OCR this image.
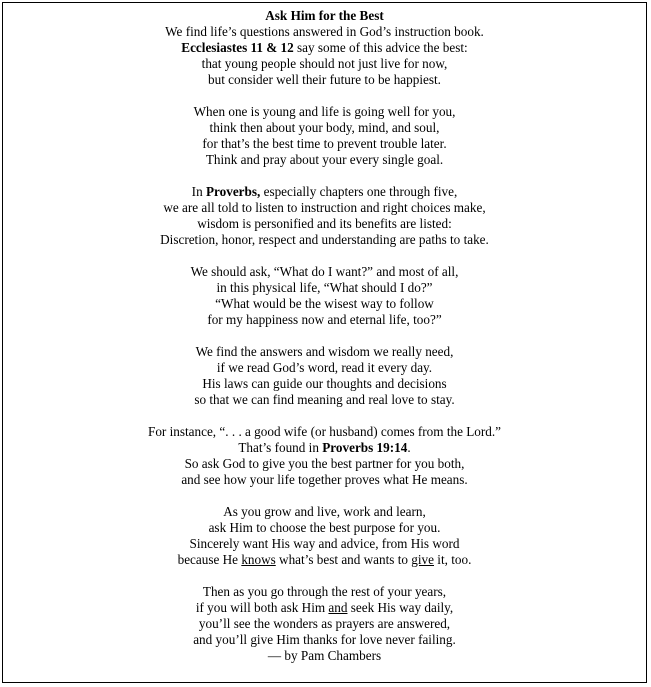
Ask Him for the Best
We find life’s questions answered in God’s instruction book.
Ecclesiastes 11 & 12 say some of this advice the best:
that young people should not just live for now,
but consider well their future to be happiest.
When one is young and life is going well for you,
think then about your body, mind, and soul,
for that’s the best time to prevent trouble later.
Think and pray about your every single goal.
In Proverbs, especially chapters one through five,
we are all told to listen to instruction and right choices make,
wisdom is personified and its benefits are listed:
Discretion, honor, respect and understanding are paths to take.
We should ask, “What do I want?” and most of all,
in this physical life, “What should I do?”
“What would be the wisest way to follow
for my happiness now and eternal life, too?”
We find the answers and wisdom we really need,
if we read God’s word, read it every day.
His laws can guide our thoughts and decisions
so that we can find meaning and real love to stay.
For instance, “. . . a good wife (or husband) comes from the Lord.”
That’s found in Proverbs 19:14.
So ask God to give you the best partner for you both,
and see how your life together proves what He means.
As you grow and live, work and learn,
ask Him to choose the best purpose for you.
Sincerely want His way and advice, from His word
because He knows what’s best and wants to give it, too.
Then as you go through the rest of your years,
if you will both ask Him and seek His way daily,
you’ll see the wonders as prayers are answered,
and you’ll give Him thanks for love never failing.
— by Pam Chambers
